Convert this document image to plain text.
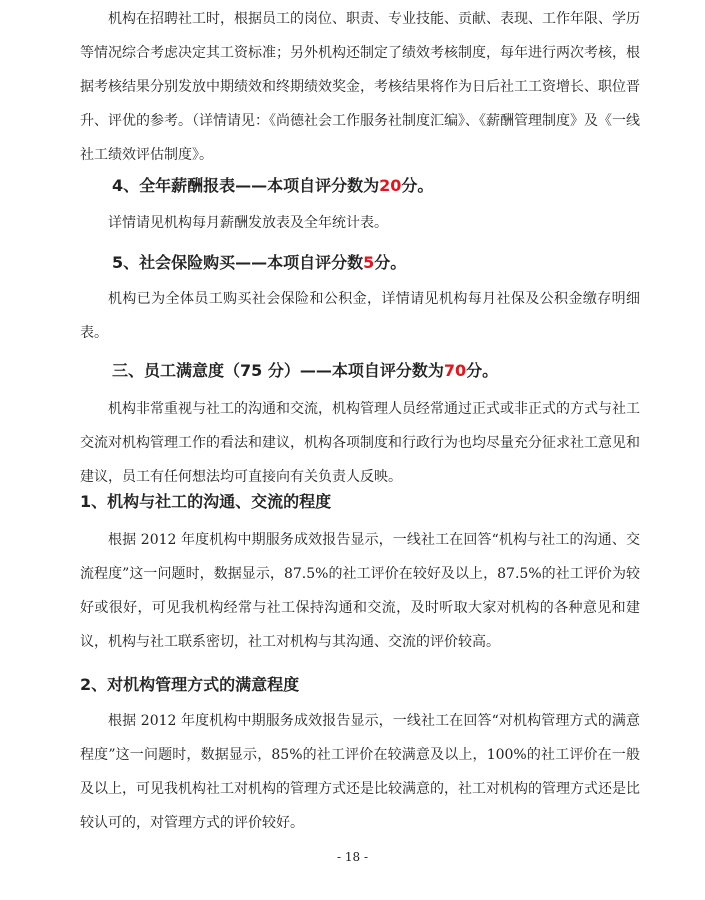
机构在招聘社工时，根据员工的岗位、职责、专业技能、贡献、表现、工作年限、学历等情况综合考虑决定其工资标准；另外机构还制定了绩效考核制度，每年进行两次考核，根据考核结果分别发放中期绩效和终期绩效奖金，考核结果将作为日后社工工资增长、职位晋升、评优的参考。（详情请见：《尚德社会工作服务社制度汇编》、《薪酬管理制度》及《一线社工绩效评估制度》。

4、全年薪酬报表——本项自评分数为20分。

详情请见机构每月薪酬发放表及全年统计表。

5、社会保险购买——本项自评分数5分。

机构已为全体员工购买社会保险和公积金，详情请见机构每月社保及公积金缴存明细表。

三、员工满意度（75 分）——本项自评分数为70分。

机构非常重视与社工的沟通和交流，机构管理人员经常通过正式或非正式的方式与社工交流对机构管理工作的看法和建议，机构各项制度和行政行为也均尽量充分征求社工意见和建议，员工有任何想法均可直接向有关负责人反映。

1、机构与社工的沟通、交流的程度

根据 2012 年度机构中期服务成效报告显示，一线社工在回答“机构与社工的沟通、交流程度”这一问题时，数据显示，87.5%的社工评价在较好及以上，87.5%的社工评价为较好或很好，可见我机构经常与社工保持沟通和交流，及时听取大家对机构的各种意见和建议，机构与社工联系密切，社工对机构与其沟通、交流的评价较高。

2、对机构管理方式的满意程度

根据 2012 年度机构中期服务成效报告显示，一线社工在回答“对机构管理方式的满意程度”这一问题时，数据显示，85%的社工评价在较满意及以上，100%的社工评价在一般及以上，可见我机构社工对机构的管理方式还是比较满意的，社工对机构的管理方式还是比较认可的，对管理方式的评价较好。

- 18 -
